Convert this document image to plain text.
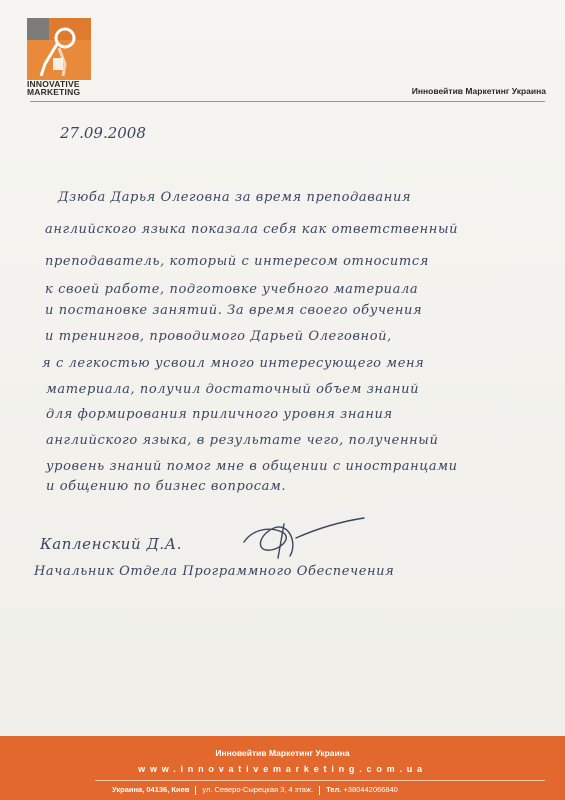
INNOVATIVE
MARKETING	Инновейтив Маркетинг Украина
27.09.2008
Дзюба Дарья Олеговна за время преподавания
английского языка показала себя как ответственный
преподаватель, который с интересом относится
к своей работе, подготовке учебного материала
и постановке занятий. За время своего обучения
и тренингов, проводимого Дарьей Олеговной,
я с легкостью усвоил много интересующего меня
материала, получил достаточный объем знаний
для формирования приличного уровня знания
английского языка, в результате чего, полученный
уровень знаний помог мне в общении с иностранцами
и общению по бизнес вопросам.
Капленский Д.А.
Начальник Отдела Программного Обеспечения
Инновейтив Маркетинг Украина
www.innovativemarketing.com.ua
Украина, 04136, Киев ул. Северо-Сырецкая 3, 4 этаж. Тел. +380442066840
